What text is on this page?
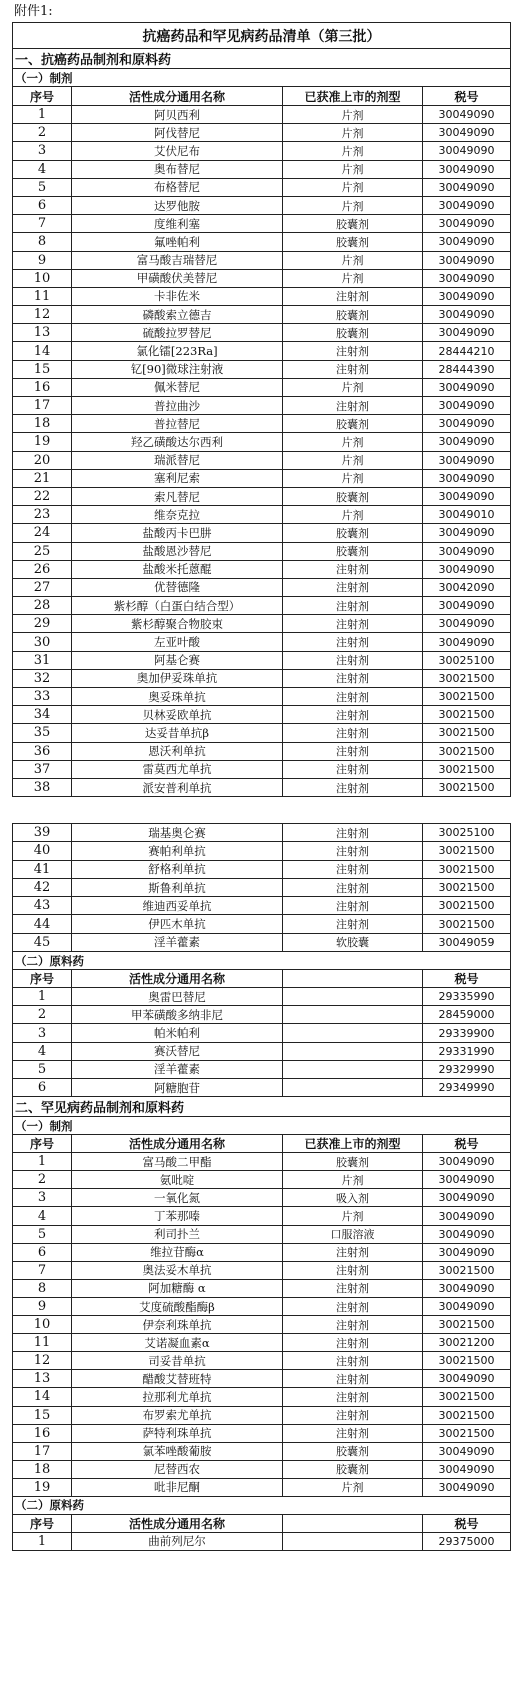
附件1:
抗癌药品和罕见病药品清单（第三批）			
一、抗癌药品制剂和原料药			
（一）制剂			
序号	活性成分通用名称	已获准上市的剂型	税号
1	阿贝西利	片剂	30049090
2	阿伐替尼	片剂	30049090
3	艾伏尼布	片剂	30049090
4	奥布替尼	片剂	30049090
5	布格替尼	片剂	30049090
6	达罗他胺	片剂	30049090
7	度维利塞	胶囊剂	30049090
8	氟唑帕利	胶囊剂	30049090
9	富马酸吉瑞替尼	片剂	30049090
10	甲磺酸伏美替尼	片剂	30049090
11	卡非佐米	注射剂	30049090
12	磷酸索立德吉	胶囊剂	30049090
13	硫酸拉罗替尼	胶囊剂	30049090
14	氯化镭[223Ra]	注射剂	28444210
15	钇[90]微球注射液	注射剂	28444390
16	佩米替尼	片剂	30049090
17	普拉曲沙	注射剂	30049090
18	普拉替尼	胶囊剂	30049090
19	羟乙磺酸达尔西利	片剂	30049090
20	瑞派替尼	片剂	30049090
21	塞利尼索	片剂	30049090
22	索凡替尼	胶囊剂	30049090
23	维奈克拉	片剂	30049010
24	盐酸丙卡巴肼	胶囊剂	30049090
25	盐酸恩沙替尼	胶囊剂	30049090
26	盐酸米托蒽醌	注射剂	30049090
27	优替德隆	注射剂	30042090
28	紫杉醇（白蛋白结合型）	注射剂	30049090
29	紫杉醇聚合物胶束	注射剂	30049090
30	左亚叶酸	注射剂	30049090
31	阿基仑赛	注射剂	30025100
32	奥加伊妥珠单抗	注射剂	30021500
33	奥妥珠单抗	注射剂	30021500
34	贝林妥欧单抗	注射剂	30021500
35	达妥昔单抗β	注射剂	30021500
36	恩沃利单抗	注射剂	30021500
37	雷莫西尤单抗	注射剂	30021500
38	派安普利单抗	注射剂	30021500
39	瑞基奥仑赛	注射剂	30025100
40	赛帕利单抗	注射剂	30021500
41	舒格利单抗	注射剂	30021500
42	斯鲁利单抗	注射剂	30021500
43	维迪西妥单抗	注射剂	30021500
44	伊匹木单抗	注射剂	30021500
45	淫羊藿素	软胶囊	30049059
（二）原料药			
序号	活性成分通用名称		税号
1	奥雷巴替尼		29335990
2	甲苯磺酸多纳非尼		28459000
3	帕米帕利		29339900
4	赛沃替尼		29331990
5	淫羊藿素		29329990
6	阿糖胞苷		29349990
二、罕见病药品制剂和原料药			
（一）制剂			
序号	活性成分通用名称	已获准上市的剂型	税号
1	富马酸二甲酯	胶囊剂	30049090
2	氨吡啶	片剂	30049090
3	一氧化氮	吸入剂	30049090
4	丁苯那嗪	片剂	30049090
5	利司扑兰	口服溶液	30049090
6	维拉苷酶α	注射剂	30049090
7	奥法妥木单抗	注射剂	30021500
8	阿加糖酶 α	注射剂	30049090
9	艾度硫酸酯酶β	注射剂	30049090
10	伊奈利珠单抗	注射剂	30021500
11	艾诺凝血素α	注射剂	30021200
12	司妥昔单抗	注射剂	30021500
13	醋酸艾替班特	注射剂	30049090
14	拉那利尤单抗	注射剂	30021500
15	布罗索尤单抗	注射剂	30021500
16	萨特利珠单抗	注射剂	30021500
17	氯苯唑酸葡胺	胶囊剂	30049090
18	尼替西农	胶囊剂	30049090
19	吡非尼酮	片剂	30049090
（二）原料药			
序号	活性成分通用名称		税号
1	曲前列尼尔		29375000
